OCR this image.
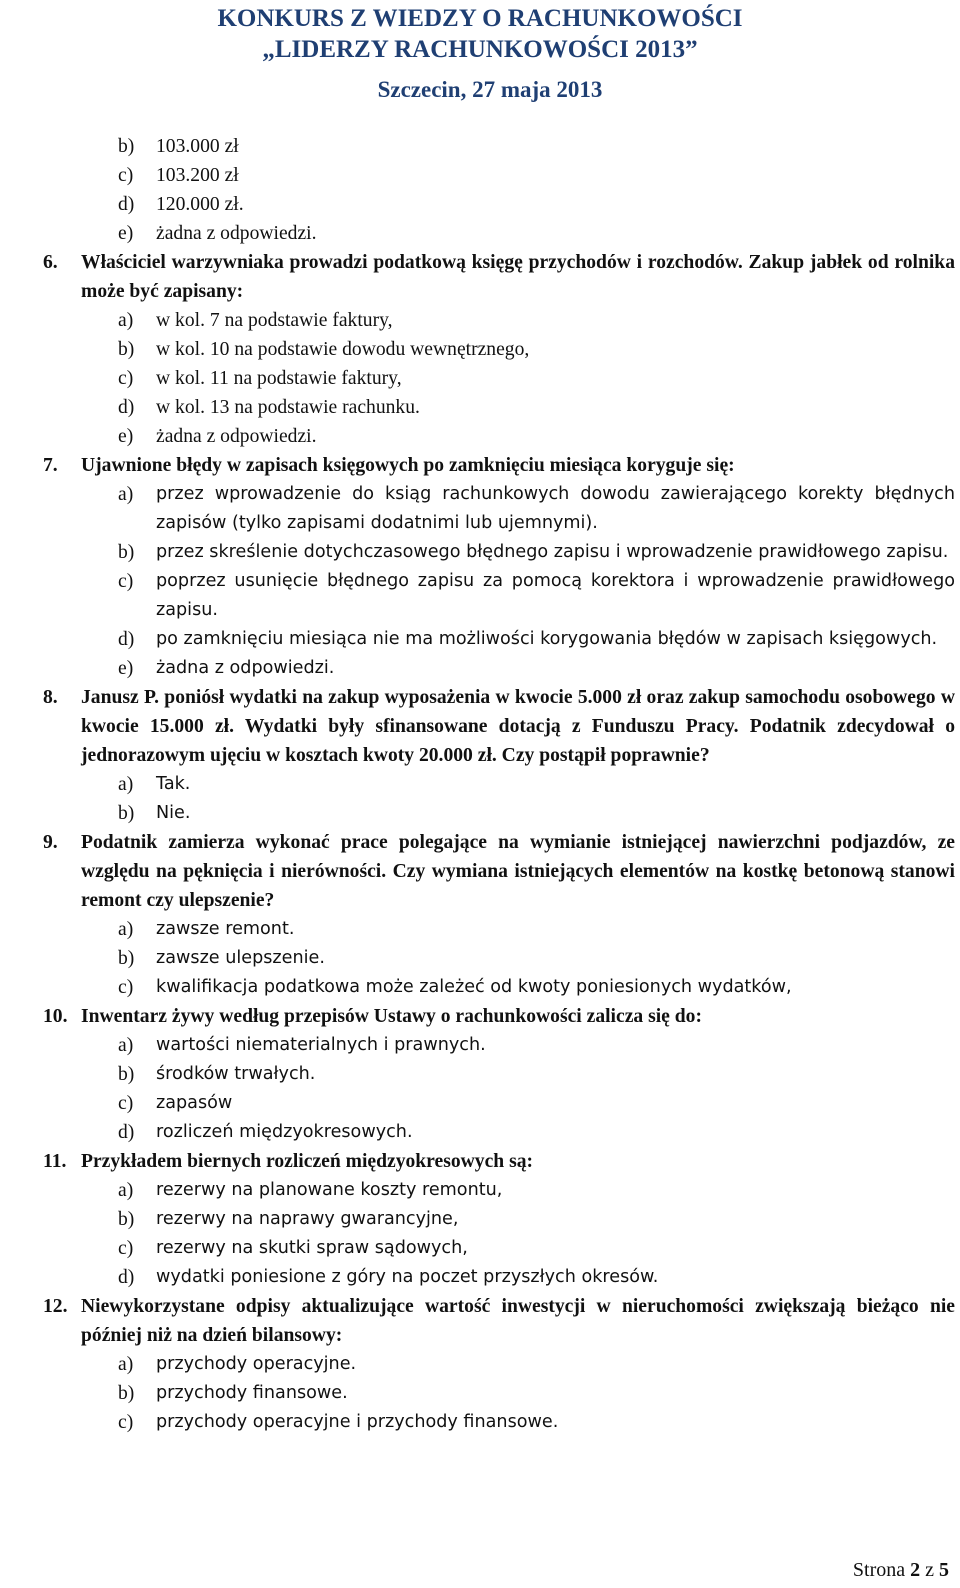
KONKURS Z WIEDZY O RACHUNKOWOŚCI
„LIDERZY RACHUNKOWOŚCI 2013”
Szczecin, 27 maja 2013
b) 103.000 zł
c) 103.200 zł
d) 120.000 zł.
e) żadna z odpowiedzi.
6. Właściciel warzywniaka prowadzi podatkową księgę przychodów i rozchodów. Zakup jabłek od rolnika może być zapisany:
a) w kol. 7 na podstawie faktury,
b) w kol. 10 na podstawie dowodu wewnętrznego,
c) w kol. 11 na podstawie faktury,
d) w kol. 13 na podstawie rachunku.
e) żadna z odpowiedzi.
7. Ujawnione błędy w zapisach księgowych po zamknięciu miesiąca koryguje się:
a) przez wprowadzenie do ksiąg rachunkowych dowodu zawierającego korekty błędnych zapisów (tylko zapisami dodatnimi lub ujemnymi).
b) przez skreślenie dotychczasowego błędnego zapisu i wprowadzenie prawidłowego zapisu.
c) poprzez usunięcie błędnego zapisu za pomocą korektora i wprowadzenie prawidłowego zapisu.
d) po zamknięciu miesiąca nie ma możliwości korygowania błędów w zapisach księgowych.
e) żadna z odpowiedzi.
8. Janusz P. poniósł wydatki na zakup wyposażenia w kwocie 5.000 zł oraz zakup samochodu osobowego w kwocie 15.000 zł. Wydatki były sfinansowane dotacją z Funduszu Pracy. Podatnik zdecydował o jednorazowym ujęciu w kosztach kwoty 20.000 zł. Czy postąpił poprawnie?
a) Tak.
b) Nie.
9. Podatnik zamierza wykonać prace polegające na wymianie istniejącej nawierzchni podjazdów, ze względu na pęknięcia i nierówności. Czy wymiana istniejących elementów na kostkę betonową stanowi remont czy ulepszenie?
a) zawsze remont.
b) zawsze ulepszenie.
c) kwalifikacja podatkowa może zależeć od kwoty poniesionych wydatków,
10. Inwentarz żywy według przepisów Ustawy o rachunkowości zalicza się do:
a) wartości niematerialnych i prawnych.
b) środków trwałych.
c) zapasów
d) rozliczeń międzyokresowych.
11. Przykładem biernych rozliczeń międzyokresowych są:
a) rezerwy na planowane koszty remontu,
b) rezerwy na naprawy gwarancyjne,
c) rezerwy na skutki spraw sądowych,
d) wydatki poniesione z góry na poczet przyszłych okresów.
12. Niewykorzystane odpisy aktualizujące wartość inwestycji w nieruchomości zwiększają bieżąco nie później niż na dzień bilansowy:
a) przychody operacyjne.
b) przychody finansowe.
c) przychody operacyjne i przychody finansowe.
Strona 2 z 5
